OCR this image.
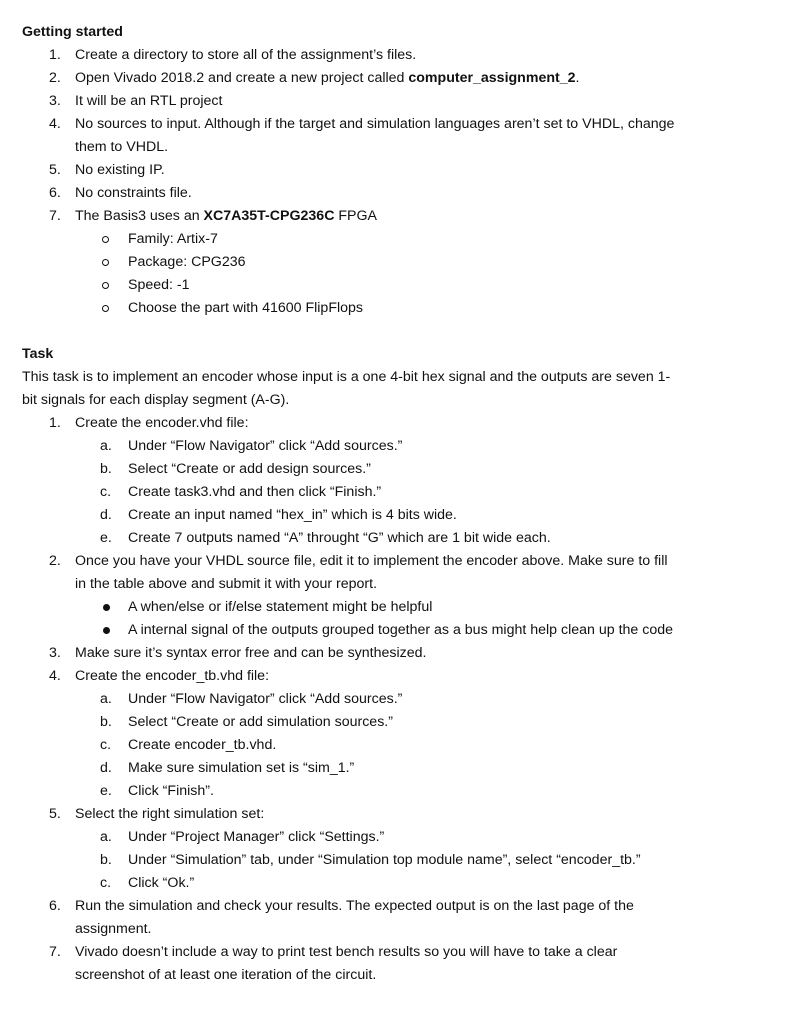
Getting started

1. Create a directory to store all of the assignment’s files.
2. Open Vivado 2018.2 and create a new project called computer_assignment_2.
3. It will be an RTL project
4. No sources to input. Although if the target and simulation languages aren’t set to VHDL, change
them to VHDL.
5. No existing IP.
6. No constraints file.
7. The Basis3 uses an XC7A35T-CPG236C FPGA
Family: Artix-7
Package: CPG236
Speed: -1
Choose the part with 41600 FlipFlops

Task

This task is to implement an encoder whose input is a one 4-bit hex signal and the outputs are seven 1-
bit signals for each display segment (A-G).

1. Create the encoder.vhd file:
a. Under “Flow Navigator” click “Add sources.”
b. Select “Create or add design sources.”
c. Create task3.vhd and then click “Finish.”
d. Create an input named “hex_in” which is 4 bits wide.
e. Create 7 outputs named “A” throught “G” which are 1 bit wide each.
2. Once you have your VHDL source file, edit it to implement the encoder above. Make sure to fill
in the table above and submit it with your report.
A when/else or if/else statement might be helpful
A internal signal of the outputs grouped together as a bus might help clean up the code
3. Make sure it’s syntax error free and can be synthesized.
4. Create the encoder_tb.vhd file:
a. Under “Flow Navigator” click “Add sources.”
b. Select “Create or add simulation sources.”
c. Create encoder_tb.vhd.
d. Make sure simulation set is “sim_1.”
e. Click “Finish”.
5. Select the right simulation set:
a. Under “Project Manager” click “Settings.”
b. Under “Simulation” tab, under “Simulation top module name”, select “encoder_tb.”
c. Click “Ok.”
6. Run the simulation and check your results. The expected output is on the last page of the
assignment.
7. Vivado doesn’t include a way to print test bench results so you will have to take a clear
screenshot of at least one iteration of the circuit.
